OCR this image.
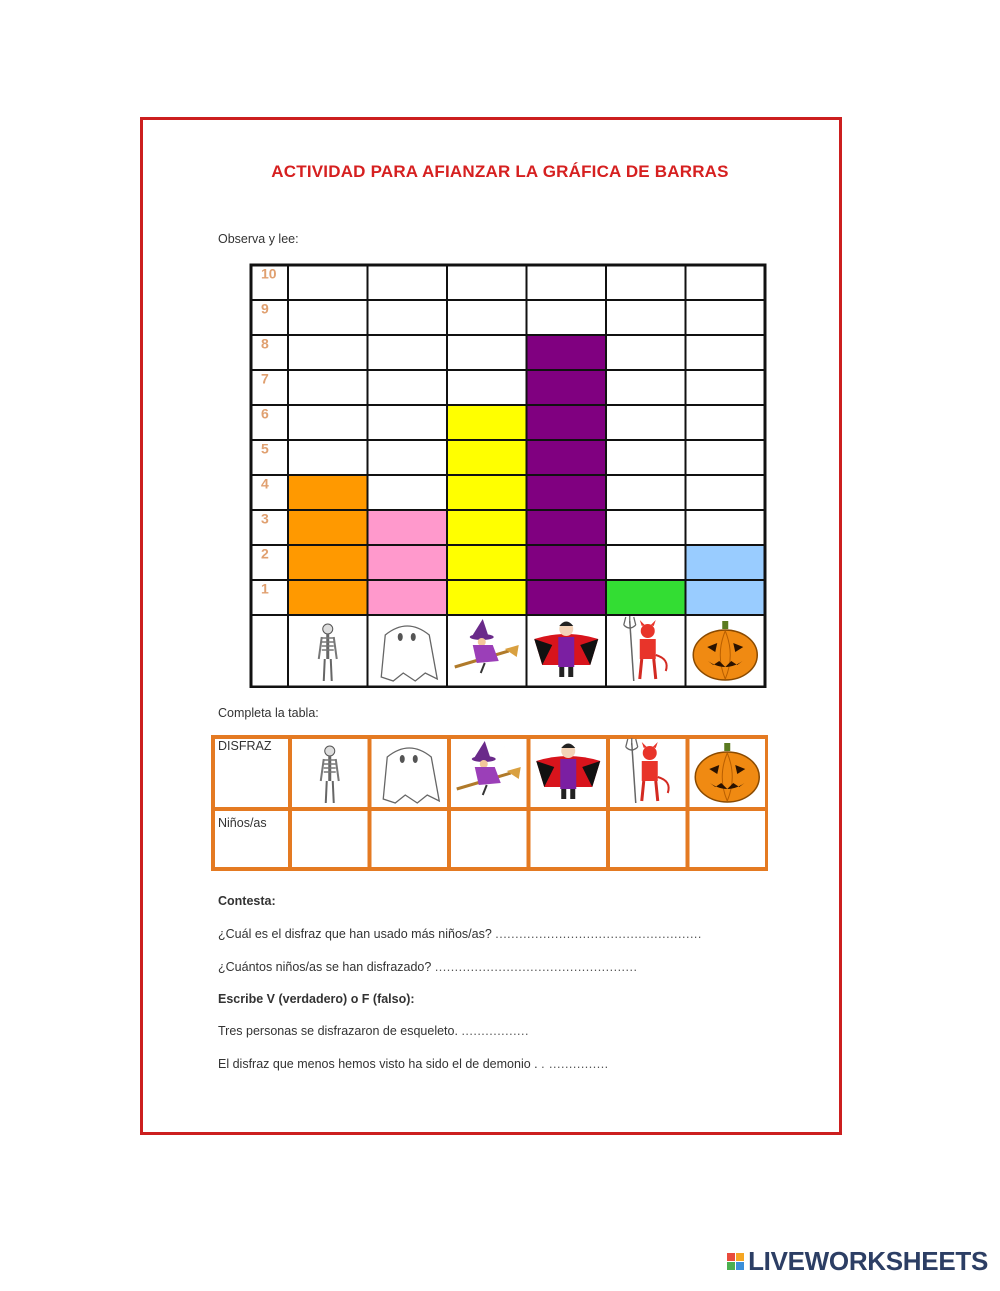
ACTIVIDAD PARA AFIANZAR LA GRÁFICA DE BARRAS
Observa y lee:
1
2
3
4
5
6
7
8
9
10
Completa la tabla:
DISFRAZ
Niños/as
Contesta:
¿Cuál es el disfraz que han usado más niños/as? ....................................................
¿Cuántos niños/as se han disfrazado? ...................................................
Escribe V (verdadero) o F (falso):
Tres personas se disfrazaron de esqueleto. .................
El disfraz que menos hemos visto ha sido el de demonio . . ...............
LIVEWORKSHEETS
